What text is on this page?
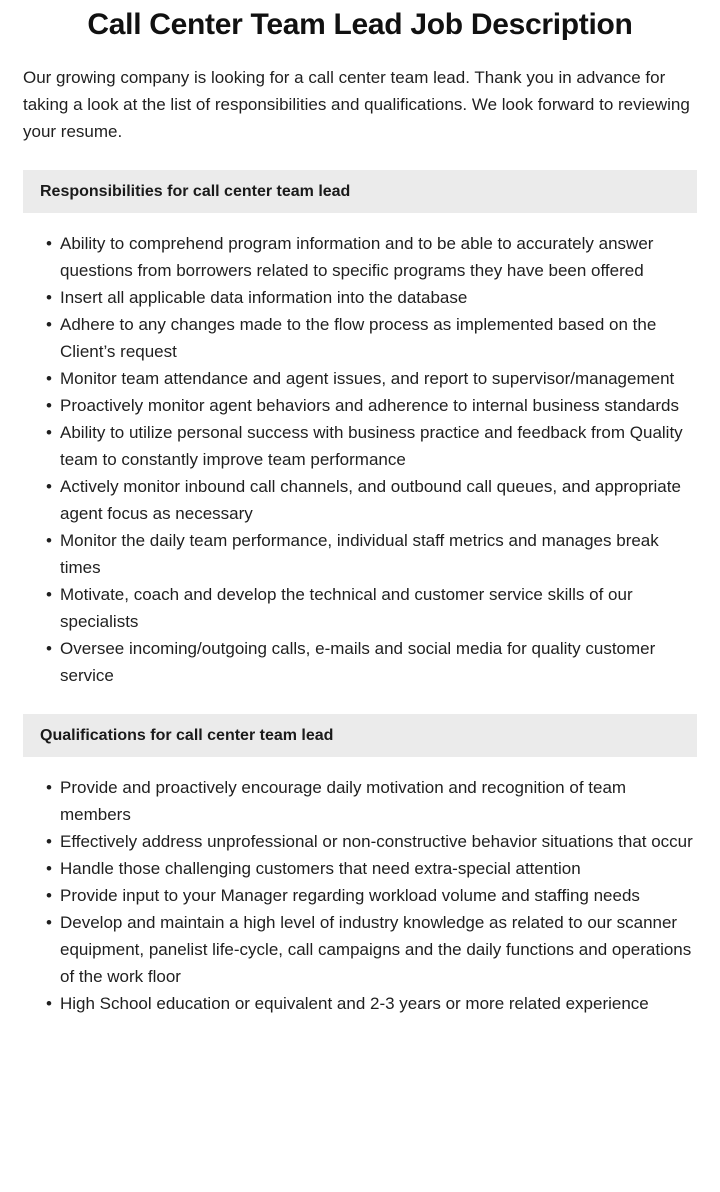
Call Center Team Lead Job Description

Our growing company is looking for a call center team lead. Thank you in advance for taking a look at the list of responsibilities and qualifications. We look forward to reviewing your resume.

Responsibilities for call center team lead
• Ability to comprehend program information and to be able to accurately answer questions from borrowers related to specific programs they have been offered
• Insert all applicable data information into the database
• Adhere to any changes made to the flow process as implemented based on the Client’s request
• Monitor team attendance and agent issues, and report to supervisor/management
• Proactively monitor agent behaviors and adherence to internal business standards
• Ability to utilize personal success with business practice and feedback from Quality team to constantly improve team performance
• Actively monitor inbound call channels, and outbound call queues, and appropriate agent focus as necessary
• Monitor the daily team performance, individual staff metrics and manages break times
• Motivate, coach and develop the technical and customer service skills of our specialists
• Oversee incoming/outgoing calls, e-mails and social media for quality customer service
Qualifications for call center team lead
• Provide and proactively encourage daily motivation and recognition of team members
• Effectively address unprofessional or non-constructive behavior situations that occur
• Handle those challenging customers that need extra-special attention
• Provide input to your Manager regarding workload volume and staffing needs
• Develop and maintain a high level of industry knowledge as related to our scanner equipment, panelist life-cycle, call campaigns and the daily functions and operations of the work floor
• High School education or equivalent and 2-3 years or more related experience
